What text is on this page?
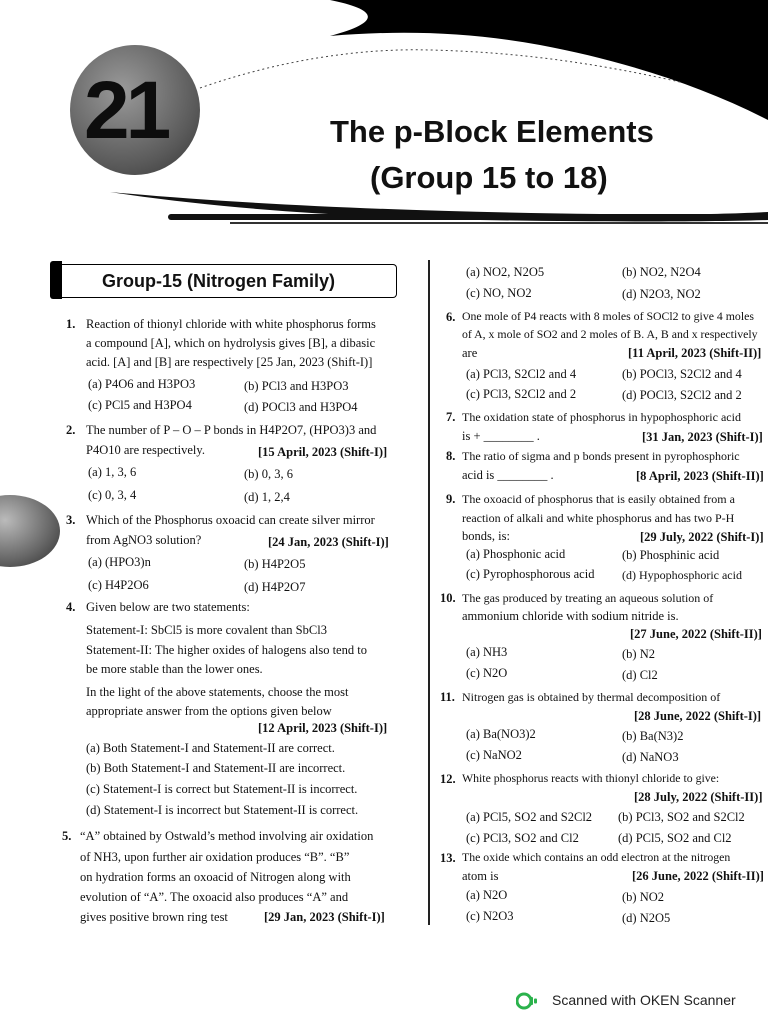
21	The p-Block Elements
(Group 15 to 18)
Group-15 (Nitrogen Family)
1. Reaction of thionyl chloride with white phosphorus forms
a compound [A], which on hydrolysis gives [B], a dibasic
acid. [A] and [B] are respectively [25 Jan, 2023 (Shift-I)]
(a) P4O6 and H3PO3	(b) PCl3 and H3PO3
(c) PCl5 and H3PO4	(d) POCl3 and H3PO4
2. The number of P – O – P bonds in H4P2O7, (HPO3)3 and
P4O10 are respectively.	[15 April, 2023 (Shift-I)]
(a) 1, 3, 6	(b) 0, 3, 6
(c) 0, 3, 4	(d) 1, 2,4
3. Which of the Phosphorus oxoacid can create silver mirror
from AgNO3 solution?	[24 Jan, 2023 (Shift-I)]
(a) (HPO3)n	(b) H4P2O5
(c) H4P2O6	(d) H4P2O7
4. Given below are two statements:
Statement-I: SbCl5 is more covalent than SbCl3
Statement-II: The higher oxides of halogens also tend to
be more stable than the lower ones.
In the light of the above statements, choose the most
appropriate answer from the options given below
[12 April, 2023 (Shift-I)]
(a) Both Statement-I and Statement-II are correct.
(b) Both Statement-I and Statement-II are incorrect.
(c) Statement-I is correct but Statement-II is incorrect.
(d) Statement-I is incorrect but Statement-II is correct.
5. “A” obtained by Ostwald’s method involving air oxidation
of NH3, upon further air oxidation produces “B”. “B”
on hydration forms an oxoacid of Nitrogen along with
evolution of “A”. The oxoacid also produces “A” and
gives positive brown ring test	[29 Jan, 2023 (Shift-I)]
(a) NO2, N2O5	(b) NO2, N2O4
(c) NO, NO2	(d) N2O3, NO2
6. One mole of P4 reacts with 8 moles of SOCl2 to give 4 moles
of A, x mole of SO2 and 2 moles of B. A, B and x respectively
are	[11 April, 2023 (Shift-II)]
(a) PCl3, S2Cl2 and 4	(b) POCl3, S2Cl2 and 4
(c) PCl3, S2Cl2 and 2	(d) POCl3, S2Cl2 and 2
7. The oxidation state of phosphorus in hypophosphoric acid
is + ________ .	[31 Jan, 2023 (Shift-I)]
8. The ratio of sigma and p bonds present in pyrophosphoric
acid is ________ .	[8 April, 2023 (Shift-II)]
9. The oxoacid of phosphorus that is easily obtained from a
reaction of alkali and white phosphorus and has two P-H
bonds, is:	[29 July, 2022 (Shift-I)]
(a) Phosphonic acid	(b) Phosphinic acid
(c) Pyrophosphorous acid (d) Hypophosphoric acid
10. The gas produced by treating an aqueous solution of
ammonium chloride with sodium nitride is.
[27 June, 2022 (Shift-II)]
(a) NH3	(b) N2
(c) N2O	(d) Cl2
11. Nitrogen gas is obtained by thermal decomposition of
[28 June, 2022 (Shift-I)]
(a) Ba(NO3)2	(b) Ba(N3)2
(c) NaNO2	(d) NaNO3
12. White phosphorus reacts with thionyl chloride to give:
[28 July, 2022 (Shift-II)]
(a) PCl5, SO2 and S2Cl2 (b) PCl3, SO2 and S2Cl2
(c) PCl3, SO2 and Cl2	(d) PCl5, SO2 and Cl2
13. The oxide which contains an odd electron at the nitrogen
atom is	[26 June, 2022 (Shift-II)]
(a) N2O	(b) NO2
(c) N2O3	(d) N2O5
Scanned with OKEN Scanner
